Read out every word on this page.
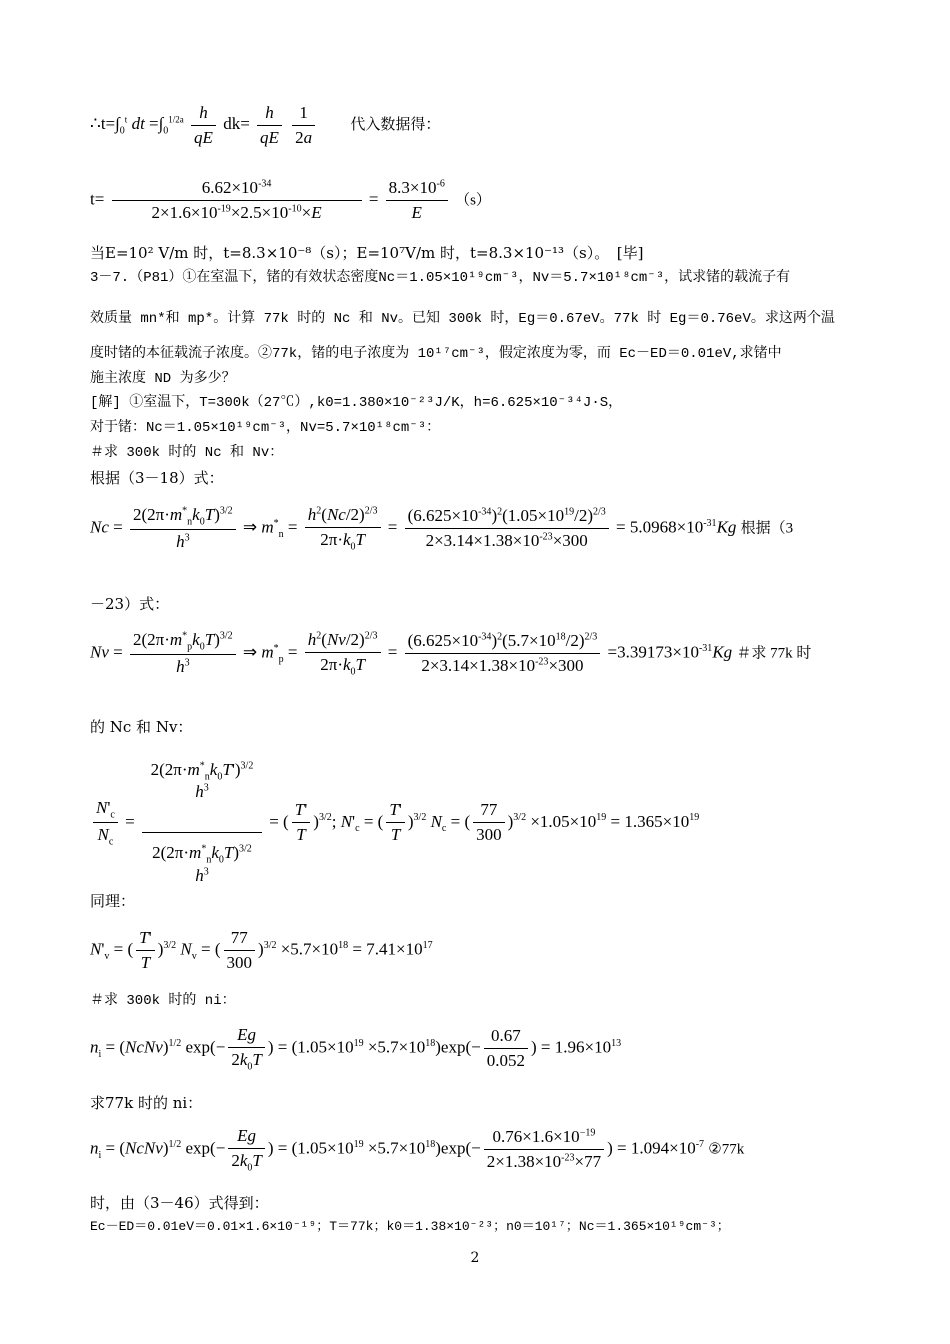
$\therefore t=\int_0^t$ dt $=\int_0^{1/2a} \frac{h}{qE} dk= \frac{h}{qE}$
$\frac{1}{2a}$ 代入数据得：
$t= \frac{6.62\times 10^{-34}}{2\times 1.6\times 10^{-19}\times 2.5\times 10^{-10}\times E} = \frac{8.3\times 10^{-6}}{E} (s)$
当E=10² V/m 时，t=8.3×10⁻⁸（s）；E=10⁷V/m 时，t=8.3×10⁻¹³（s）。　[毕]
3－7.（P81）①在室温下，锗的有效状态密度Nc＝1.05×10¹⁹cm⁻³，Nv＝5.7×10¹⁸cm⁻³，试求锗的载流子有
效质量 mn*和 mp*。计算 77k 时的 Nc 和 Nv。已知 300k 时，Eg＝0.67eV。77k 时 Eg＝0.76eV。求这两个温
度时锗的本征载流子浓度。②77k，锗的电子浓度为 10¹⁷cm⁻³，假定浓度为零，而 Ec－ED＝0.01eV,求锗中
施主浓度 ND 为多少？
[解] ①室温下，T=300k（27℃）,k0=1.380×10⁻²³J/K，h=6.625×10⁻³⁴J·S，
对于锗：Nc＝1.05×10¹⁹cm⁻³，Nv=5.7×10¹⁸cm⁻³：
＃求 300k 时的 Nc 和 Nv：
根据（3－18）式：
$Nc = \frac{2(2\pi\cdot m^*_nk_0T)^{3/2}}{h^3}$ ⇒ $m^*_n = \frac{h^2(Nc/2)^{2/3}}{2\pi\cdot k_0T} = \frac{(6.625\times 10^{-34})^2(1.05\times 10^{19}/2)^{2/3}}{2\times 3.14\times 1.38\times 10^{-23}\times 300} = 5.0968\times 10^{-31}Kg$ 根据（3
－23）式：
$Nv = \frac{2(2\pi\cdot m^*_pk_0T)^{3/2}}{h^3}$ ⇒ $m^*_p = \frac{h^2(Nv/2)^{2/3}}{2\pi\cdot k_0T} = \frac{(6.625\times 10^{-34})^2(5.7\times 10^{18}/2)^{2/3}}{2\times 3.14\times 1.38\times 10^{-23}\times 300} =3.39173\times 10^{-31}Kg$ ＃求 77k 时
的 Nc 和 Nv：
$\frac{N'_c}{N_c}$ =
$2(2\pi\cdot m^*_nk_0T')^{3/2}$
$h^3$
$2(2\pi\cdot m^*_nk_0T)^{3/2}$
$h^3$
= ( $\frac{T'}{T} )^{3/2}$; $N'_c$ = ( $\frac{T'}{T} )^{3/2}$ $N_c$ = ( $\frac{77}{300} )^{3/2} \times 1.05\times 10^{19} = 1.365\times 10^{19}$
同理：
$N'_v$ = ( $\frac{T'}{T} )^{3/2}$ $N_v$ = ( $\frac{77}{300} )^{3/2} \times 5.7\times 10^{18} = 7.41\times 10^{17}$
＃求 300k 时的 ni：
$n_i$ = (NcNv)$^{1/2}$ $\exp(- \frac{Eg}{2k_0T}$ ) = $(1.05\times 10^{19} \times 5.7\times 10^{18})\exp(- \frac{0.67}{0.052}$ ) = $1.96\times 10^{13}$
求77k 时的 ni：
$n_i$ = (NcNv)$^{1/2}$ $\exp(- \frac{Eg}{2k_0T}$ ) = $(1.05\times 10^{19} \times 5.7\times 10^{18})\exp(- \frac{0.76\times 1.6\times 10^{-19}}{2\times 1.38\times 10^{-23}\times 77}$ ) = $1.094\times 10^{-7}$ ②77k
时，由（3－46）式得到：
Ec－ED＝0.01eV＝0.01×1.6×10⁻¹⁹；T＝77k；k0＝1.38×10⁻²³；n0＝10¹⁷；Nc＝1.365×10¹⁹cm⁻³；
2
